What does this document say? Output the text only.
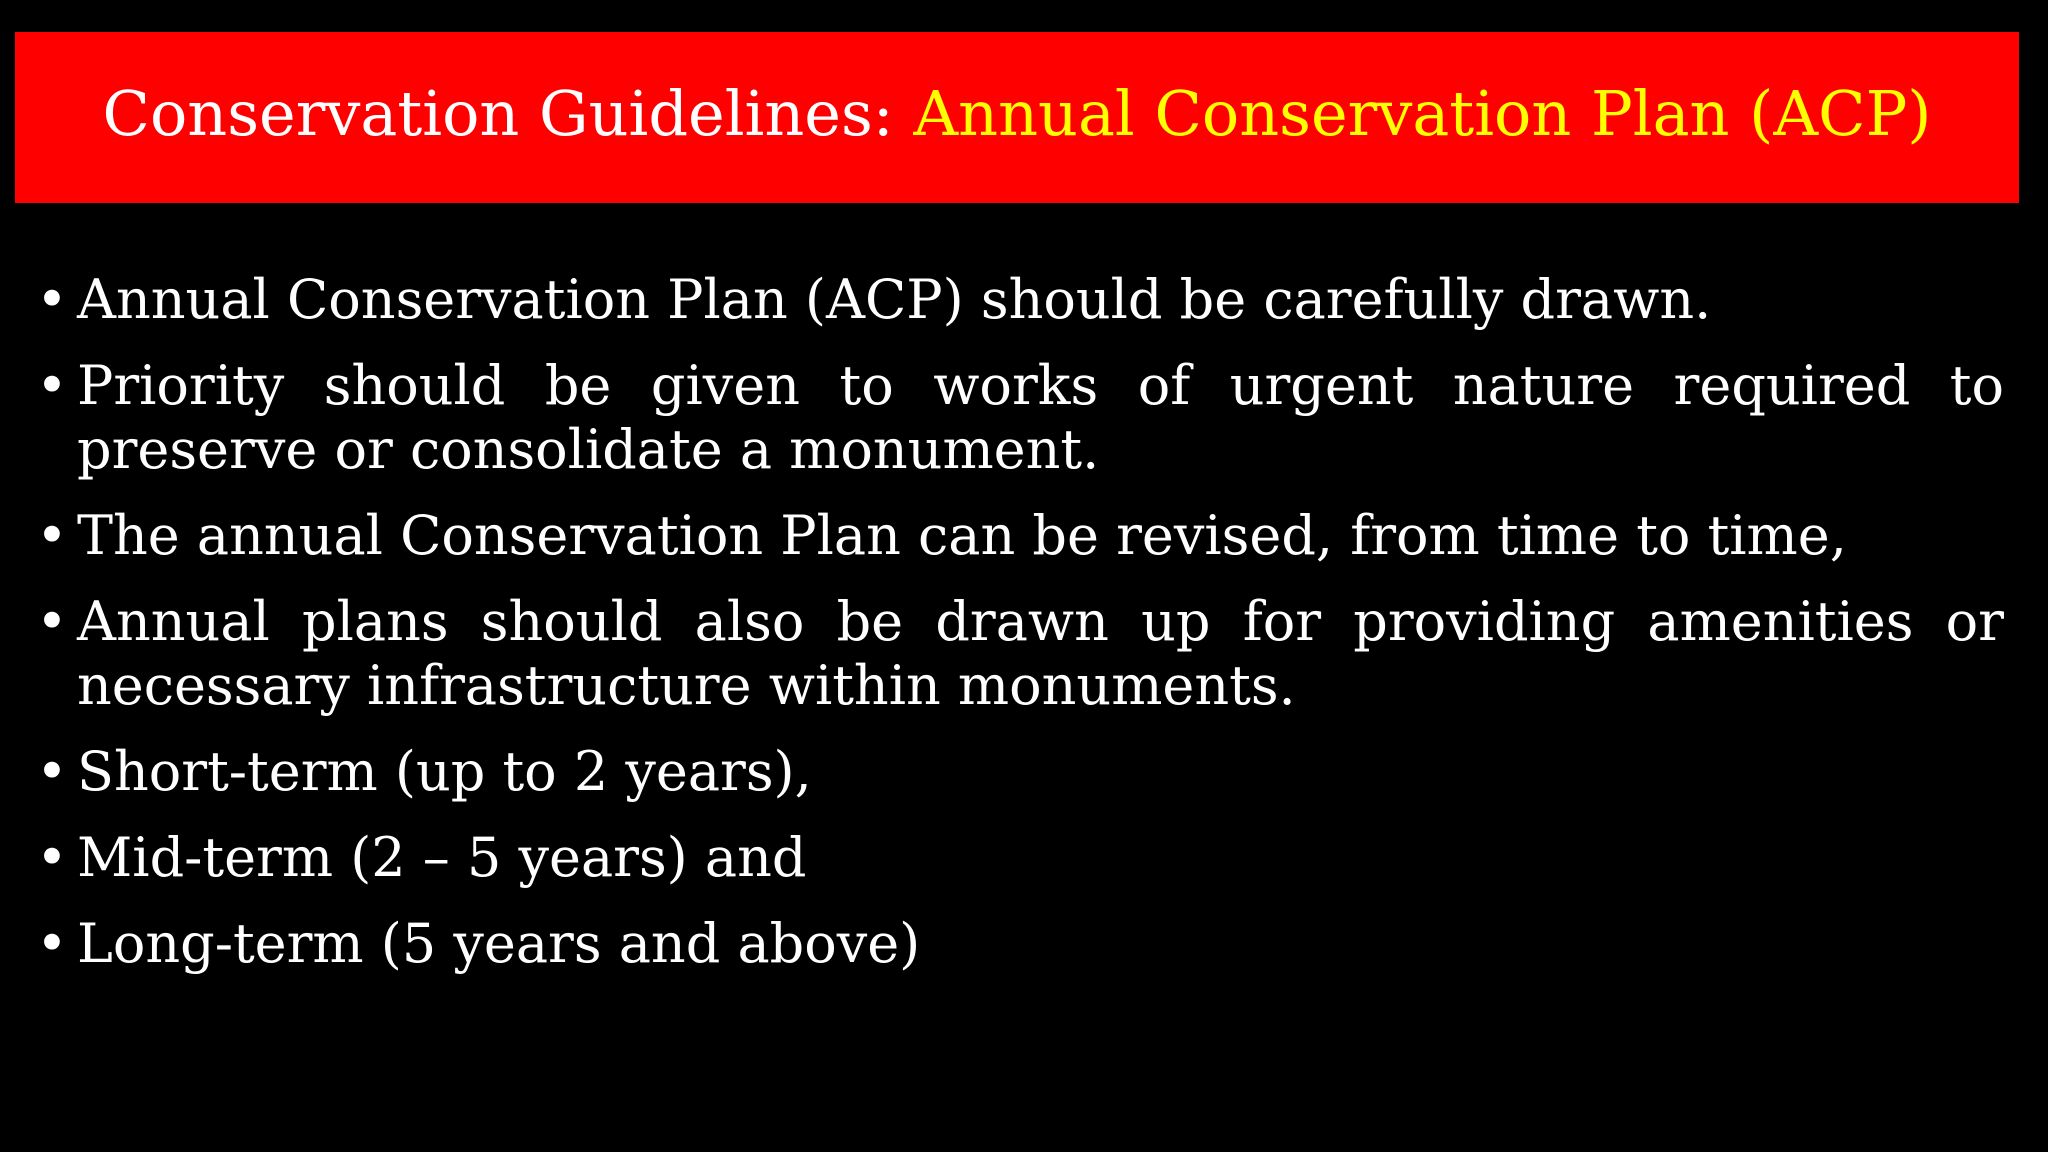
Conservation Guidelines: Annual Conservation Plan (ACP)
• Annual Conservation Plan (ACP) should be carefully drawn.
• Priority should be given to works of urgent nature required to preserve or consolidate a monument.
• The annual Conservation Plan can be revised, from time to time,
• Annual plans should also be drawn up for providing amenities or necessary infrastructure within monuments.
• Short-term (up to 2 years),
• Mid-term (2 – 5 years) and
• Long-term (5 years and above)
